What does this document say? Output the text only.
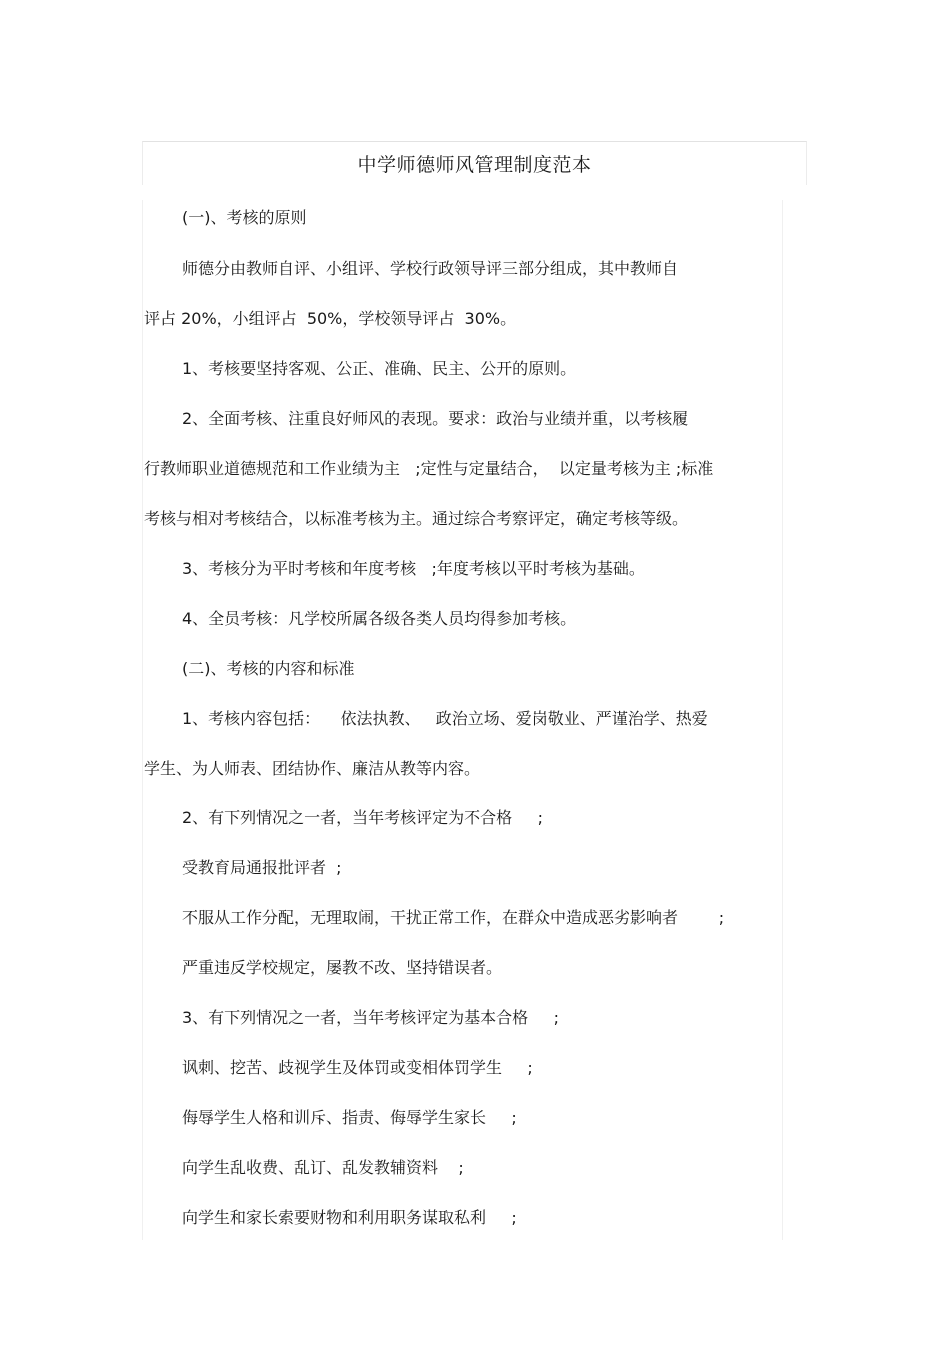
中学师德师风管理制度范本
(一)、考核的原则
师德分由教师自评、小组评、学校行政领导评三部分组成，其中教师自
评占 20%，小组评占  50%，学校领导评占  30%。
1、考核要坚持客观、公正、准确、民主、公开的原则。
2、全面考核、注重良好师风的表现。要求：政治与业绩并重，以考核履
行教师职业道德规范和工作业绩为主   ;定性与定量结合，  以定量考核为主 ;标准
考核与相对考核结合，以标准考核为主。通过综合考察评定，确定考核等级。
3、考核分为平时考核和年度考核   ;年度考核以平时考核为基础。
4、全员考核：凡学校所属各级各类人员均得参加考核。
(二)、考核的内容和标准
1、考核内容包括：    依法执教、   政治立场、爱岗敬业、严谨治学、热爱
学生、为人师表、团结协作、廉洁从教等内容。
2、有下列情况之一者，当年考核评定为不合格     ;
受教育局通报批评者  ;
不服从工作分配，无理取闹，干扰正常工作，在群众中造成恶劣影响者        ;
严重违反学校规定，屡教不改、坚持错误者。
3、有下列情况之一者，当年考核评定为基本合格     ;
讽刺、挖苦、歧视学生及体罚或变相体罚学生     ;
侮辱学生人格和训斥、指责、侮辱学生家长     ;
向学生乱收费、乱订、乱发教辅资料    ;
向学生和家长索要财物和利用职务谋取私利     ;
